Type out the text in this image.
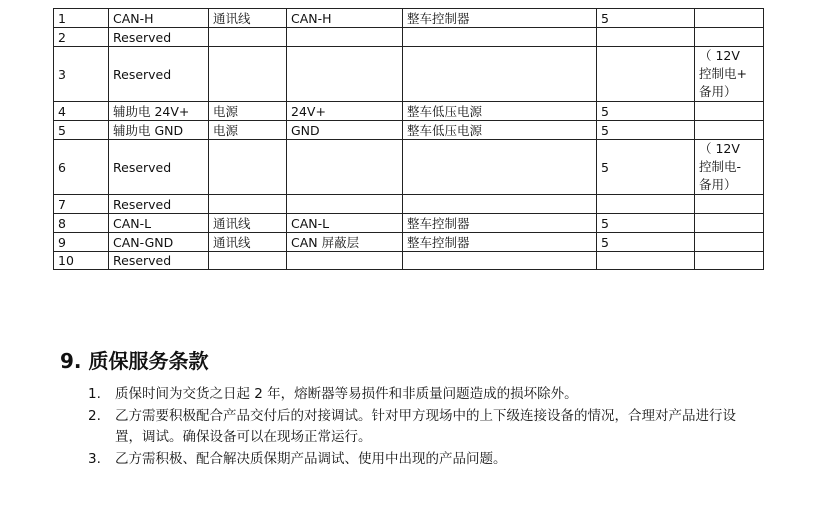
1	CAN-H	通讯线	CAN-H	整车控制器	5	
2	Reserved					
3	Reserved					（ 12V
控制电+
备用）
4	辅助电 24V+	电源	24V+	整车低压电源	5	
5	辅助电 GND	电源	GND	整车低压电源	5	
6	Reserved				5	（ 12V
控制电-
备用）
7	Reserved					
8	CAN-L	通讯线	CAN-L	整车控制器	5	
9	CAN-GND	通讯线	CAN 屏蔽层	整车控制器	5	
10	Reserved					
9. 质保服务条款
1. 质保时间为交货之日起 2 年，熔断器等易损件和非质量问题造成的损坏除外。
2. 乙方需要积极配合产品交付后的对接调试。针对甲方现场中的上下级连接设备的情况，合理对产品进行设置，调试。确保设备可以在现场正常运行。
3. 乙方需积极、配合解决质保期产品调试、使用中出现的产品问题。
